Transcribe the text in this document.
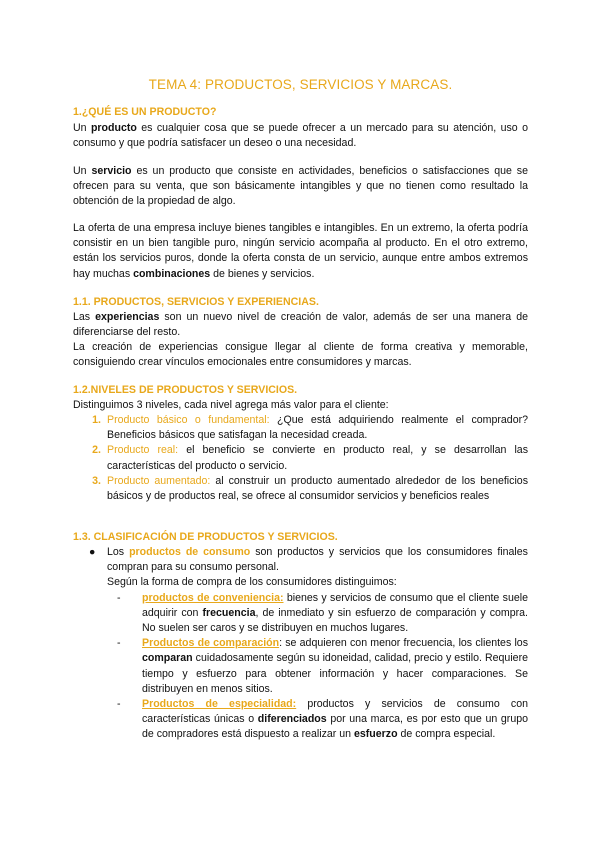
TEMA 4: PRODUCTOS, SERVICIOS Y MARCAS.
1.¿QUÉ ES UN PRODUCTO?
Un producto es cualquier cosa que se puede ofrecer a un mercado para su atención, uso o consumo y que podría satisfacer un deseo o una necesidad.
Un servicio es un producto que consiste en actividades, beneficios o satisfacciones que se ofrecen para su venta, que son básicamente intangibles y que no tienen como resultado la obtención de la propiedad de algo.
La oferta de una empresa incluye bienes tangibles e intangibles. En un extremo, la oferta podría consistir en un bien tangible puro, ningún servicio acompaña al producto. En el otro extremo, están los servicios puros, donde la oferta consta de un servicio, aunque entre ambos extremos hay muchas combinaciones de bienes y servicios.
1.1. PRODUCTOS, SERVICIOS Y EXPERIENCIAS.
Las experiencias son un nuevo nivel de creación de valor, además de ser una manera de diferenciarse del resto.
La creación de experiencias consigue llegar al cliente de forma creativa y memorable, consiguiendo crear vínculos emocionales entre consumidores y marcas.
1.2.NIVELES DE PRODUCTOS Y SERVICIOS.
Distinguimos 3 niveles, cada nivel agrega más valor para el cliente:
1. Producto básico o fundamental: ¿Que está adquiriendo realmente el comprador? Beneficios básicos que satisfagan la necesidad creada.
2. Producto real: el beneficio se convierte en producto real, y se desarrollan las características del producto o servicio.
3. Producto aumentado: al construir un producto aumentado alrededor de los beneficios básicos y de productos real, se ofrece al consumidor servicios y beneficios reales
1.3. CLASIFICACIÓN DE PRODUCTOS Y SERVICIOS.
● Los productos de consumo son productos y servicios que los consumidores finales compran para su consumo personal.
Según la forma de compra de los consumidores distinguimos:
- productos de conveniencia: bienes y servicios de consumo que el cliente suele adquirir con frecuencia, de inmediato y sin esfuerzo de comparación y compra. No suelen ser caros y se distribuyen en muchos lugares.
- Productos de comparación: se adquieren con menor frecuencia, los clientes los comparan cuidadosamente según su idoneidad, calidad, precio y estilo. Requiere tiempo y esfuerzo para obtener información y hacer comparaciones. Se distribuyen en menos sitios.
- Productos de especialidad: productos y servicios de consumo con características únicas o diferenciados por una marca, es por esto que un grupo de compradores está dispuesto a realizar un esfuerzo de compra especial.
